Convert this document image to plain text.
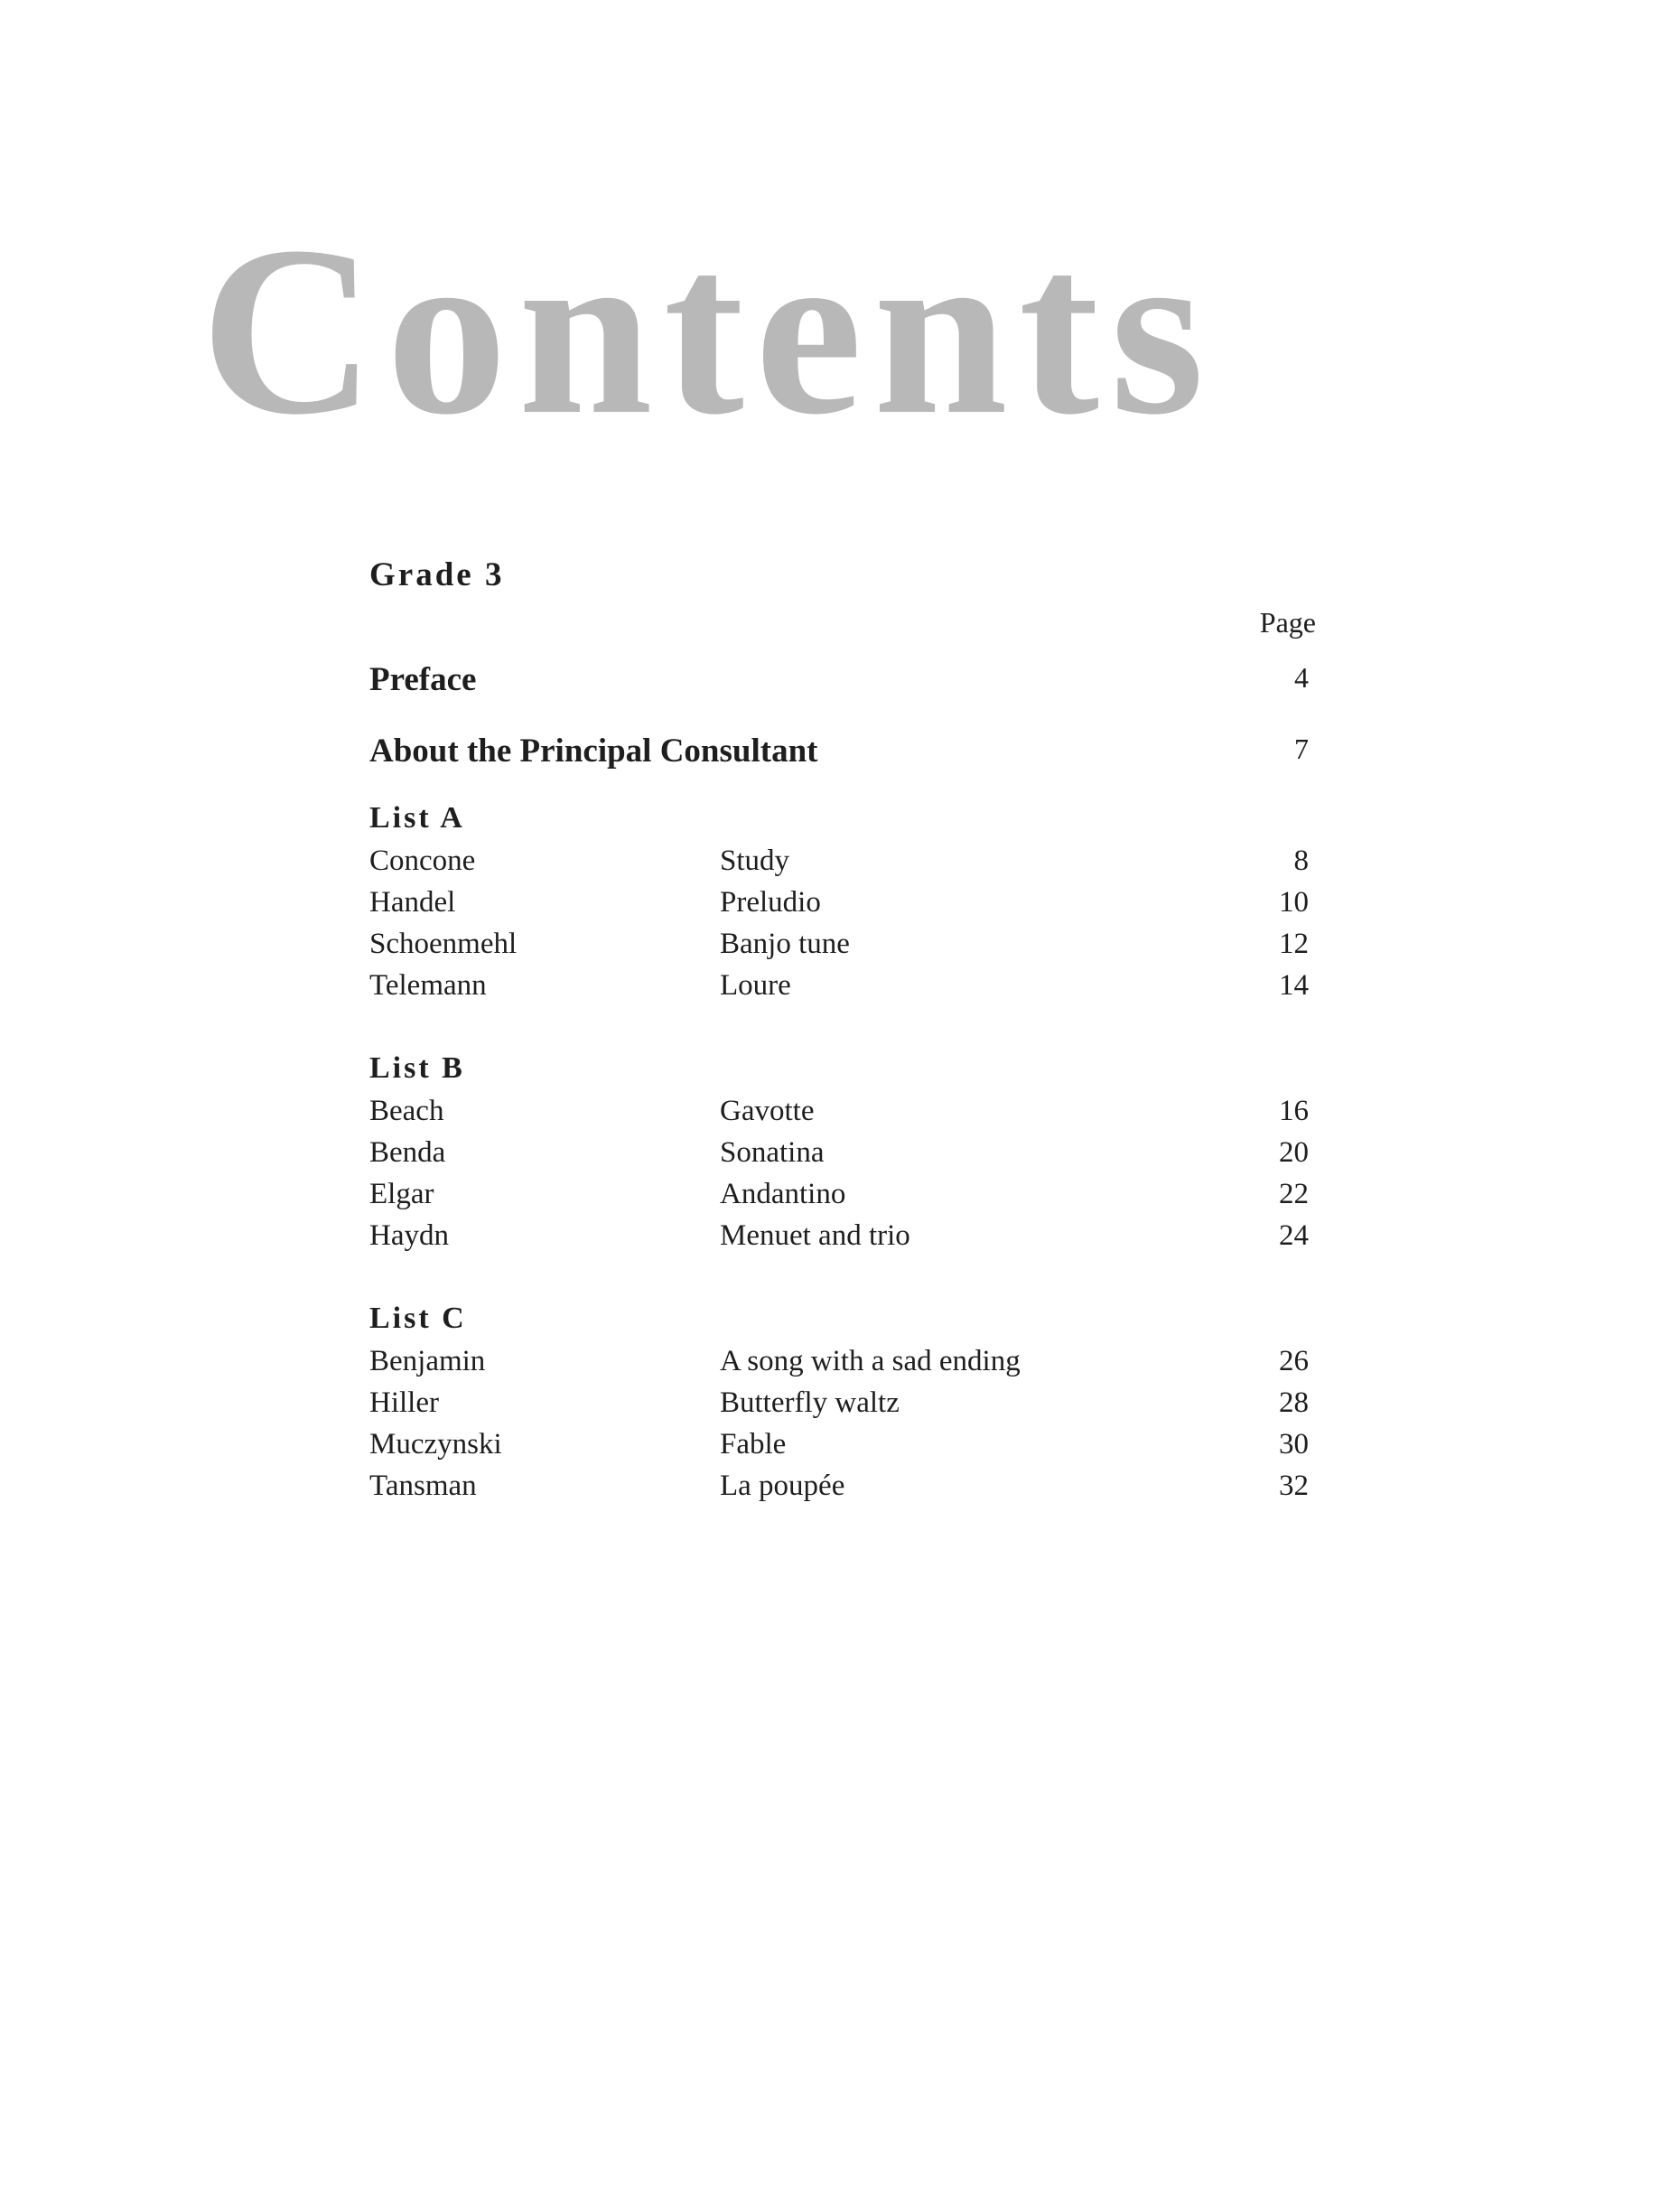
Contents
Grade 3
Page
Preface	4
About the Principal Consultant	7
List A
Concone	Study	8
Handel	Preludio	10
Schoenmehl	Banjo tune	12
Telemann	Loure	14
List B
Beach	Gavotte	16
Benda	Sonatina	20
Elgar	Andantino	22
Haydn	Menuet and trio	24
List C
Benjamin	A song with a sad ending	26
Hiller	Butterfly waltz	28
Muczynski	Fable	30
Tansman	La poupée	32
